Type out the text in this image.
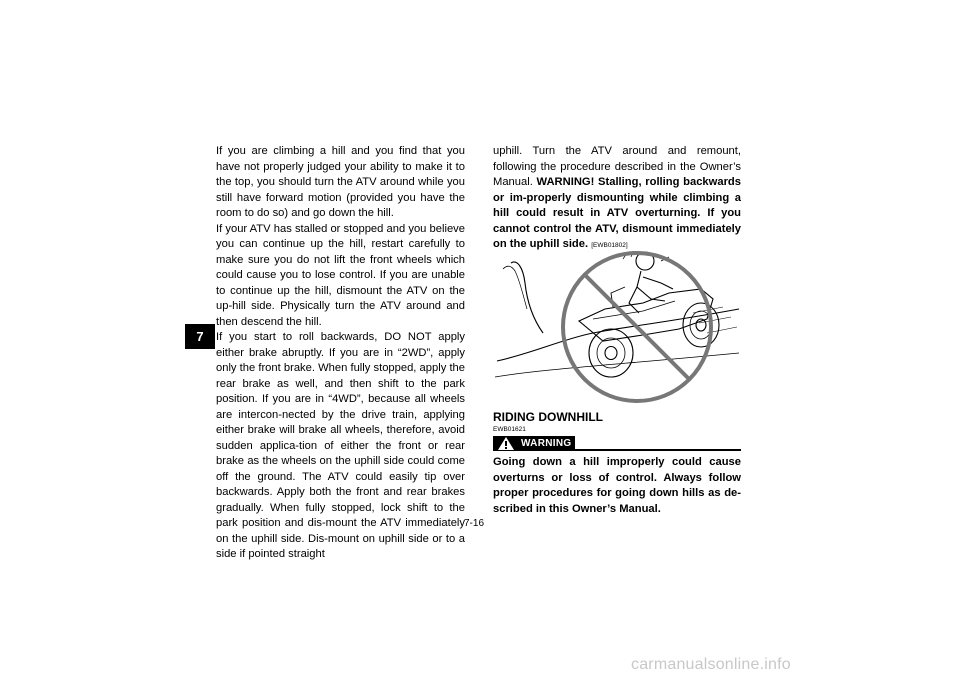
7

If you are climbing a hill and you find that you have not properly judged your ability to make it to the top, you should turn the ATV around while you still have forward motion (provided you have the room to do so) and go down the hill.

If your ATV has stalled or stopped and you believe you can continue up the hill, restart carefully to make sure you do not lift the front wheels which could cause you to lose control. If you are unable to continue up the hill, dismount the ATV on the up-hill side. Physically turn the ATV around and then descend the hill.

If you start to roll backwards, DO NOT apply either brake abruptly. If you are in “2WD”, apply only the front brake. When fully stopped, apply the rear brake as well, and then shift to the park position. If you are in “4WD”, because all wheels are intercon-nected by the drive train, applying either brake will brake all wheels, therefore, avoid sudden applica-tion of either the front or rear brake as the wheels on the uphill side could come off the ground. The ATV could easily tip over backwards. Apply both the front and rear brakes gradually. When fully stopped, lock shift to the park position and dis-mount the ATV immediately on the uphill side. Dis-mount on uphill side or to a side if pointed straight

uphill. Turn the ATV around and remount, following the procedure described in the Owner’s Manual. WARNING! Stalling, rolling backwards or im-properly dismounting while climbing a hill could result in ATV overturning. If you cannot control the ATV, dismount immediately on the uphill side. [EWB01802]

RIDING DOWNHILL
EWB01621
WARNING
Going down a hill improperly could cause overturns or loss of control. Always follow proper procedures for going down hills as de-scribed in this Owner’s Manual.
7-16
carmanualsonline.info
